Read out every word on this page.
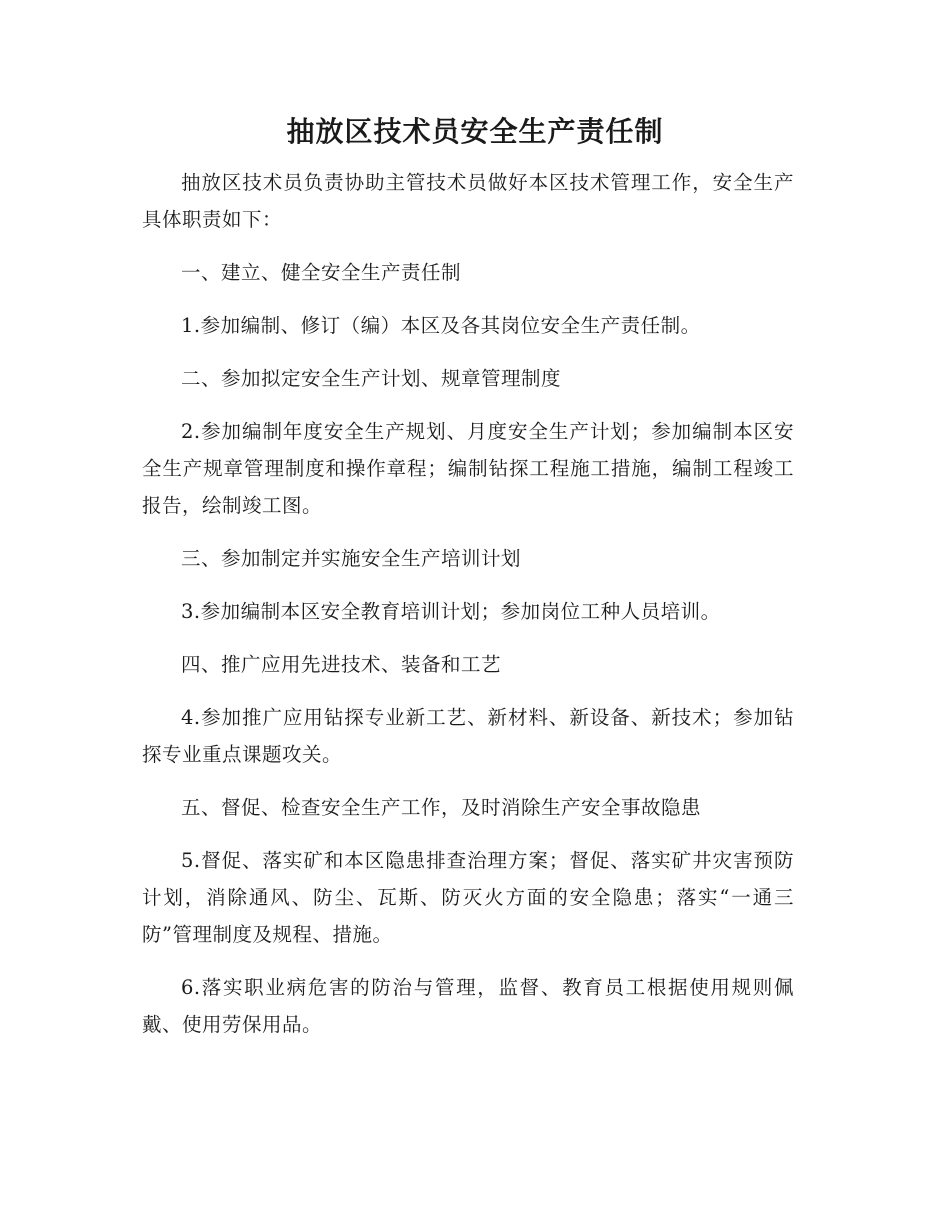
抽放区技术员安全生产责任制

抽放区技术员负责协助主管技术员做好本区技术管理工作，安全生产具体职责如下：

一、建立、健全安全生产责任制

1.参加编制、修订（编）本区及各其岗位安全生产责任制。

二、参加拟定安全生产计划、规章管理制度

2.参加编制年度安全生产规划、月度安全生产计划；参加编制本区安全生产规章管理制度和操作章程；编制钻探工程施工措施，编制工程竣工报告，绘制竣工图。

三、参加制定并实施安全生产培训计划

3.参加编制本区安全教育培训计划；参加岗位工种人员培训。

四、推广应用先进技术、装备和工艺

4.参加推广应用钻探专业新工艺、新材料、新设备、新技术；参加钻探专业重点课题攻关。

五、督促、检查安全生产工作，及时消除生产安全事故隐患

5.督促、落实矿和本区隐患排查治理方案；督促、落实矿井灾害预防计划，消除通风、防尘、瓦斯、防灭火方面的安全隐患；落实“一通三防”管理制度及规程、措施。

6.落实职业病危害的防治与管理，监督、教育员工根据使用规则佩戴、使用劳保用品。
